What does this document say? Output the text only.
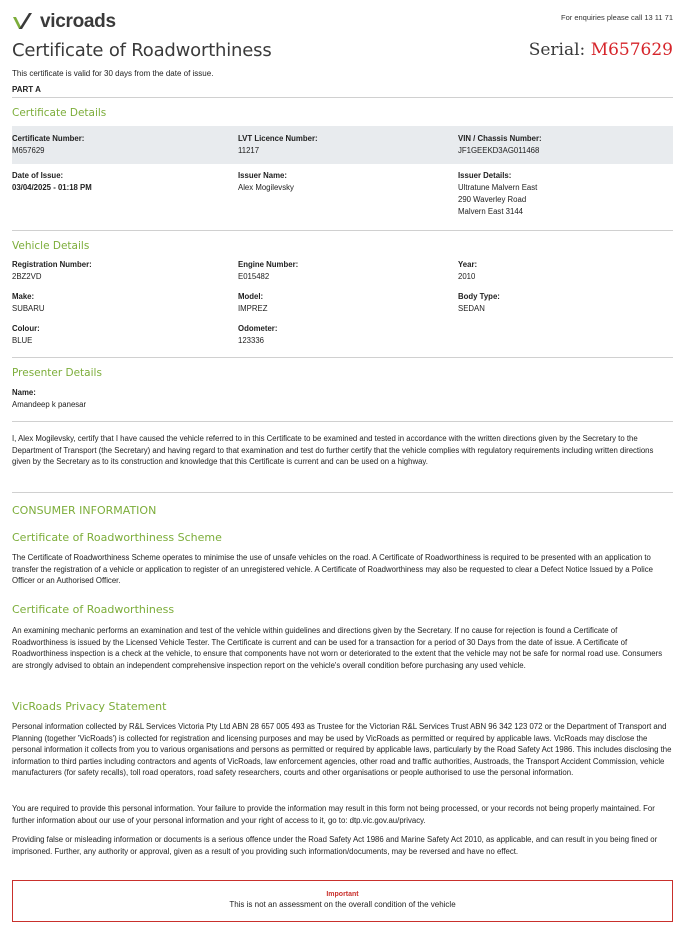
vicroads	For enquiries please call 13 11 71
Certificate of Roadworthiness	Serial: M657629
This certificate is valid for 30 days from the date of issue.
PART A
Certificate Details
Certificate Number:
M657629
LVT Licence Number:
11217
VIN / Chassis Number:
JF1GEEKD3AG011468
Date of Issue:
03/04/2025 - 01:18 PM
Issuer Name:
Alex Mogilevsky
Issuer Details:
Ultratune Malvern East
290 Waverley Road
Malvern East 3144
Vehicle Details
Registration Number:
2BZ2VD
Engine Number:
E015482
Year:
2010
Make:
SUBARU
Model:
IMPREZ
Body Type:
SEDAN
Colour:
BLUE
Odometer:
123336
Presenter Details
Name:
Amandeep k panesar
I, Alex Mogilevsky, certify that I have caused the vehicle referred to in this Certificate to be examined and tested in accordance with the written directions given by the Secretary to the Department of Transport (the Secretary) and having regard to that examination and test do further certify that the vehicle complies with regulatory requirements including written directions given by the Secretary as to its construction and knowledge that this Certificate is current and can be used on a highway.
CONSUMER INFORMATION
Certificate of Roadworthiness Scheme
The Certificate of Roadworthiness Scheme operates to minimise the use of unsafe vehicles on the road. A Certificate of Roadworthiness is required to be presented with an application to transfer the registration of a vehicle or application to register of an unregistered vehicle. A Certificate of Roadworthiness may also be requested to clear a Defect Notice Issued by a Police Officer or an Authorised Officer.
Certificate of Roadworthiness
An examining mechanic performs an examination and test of the vehicle within guidelines and directions given by the Secretary. If no cause for rejection is found a Certificate of Roadworthiness is issued by the Licensed Vehicle Tester. The Certificate is current and can be used for a transaction for a period of 30 Days from the date of issue. A Certificate of Roadworthiness inspection is a check at the vehicle, to ensure that components have not worn or deteriorated to the extent that the vehicle may not be safe for normal road use. Consumers are strongly advised to obtain an independent comprehensive inspection report on the vehicle's overall condition before purchasing any used vehicle.
VicRoads Privacy Statement
Personal information collected by R&L Services Victoria Pty Ltd ABN 28 657 005 493 as Trustee for the Victorian R&L Services Trust ABN 96 342 123 072 or the Department of Transport and Planning (together 'VicRoads') is collected for registration and licensing purposes and may be used by VicRoads as permitted or required by applicable laws. VicRoads may disclose the personal information it collects from you to various organisations and persons as permitted or required by applicable laws, particularly by the Road Safety Act 1986. This includes disclosing the information to third parties including contractors and agents of VicRoads, law enforcement agencies, other road and traffic authorities, Austroads, the Transport Accident Commission, vehicle manufacturers (for safety recalls), toll road operators, road safety researchers, courts and other organisations or people authorised to use the personal information.
You are required to provide this personal information. Your failure to provide the information may result in this form not being processed, or your records not being properly maintained. For further information about our use of your personal information and your right of access to it, go to: dtp.vic.gov.au/privacy.
Providing false or misleading information or documents is a serious offence under the Road Safety Act 1986 and Marine Safety Act 2010, as applicable, and can result in you being fined or imprisoned. Further, any authority or approval, given as a result of you providing such information/documents, may be reversed and have no effect.
Important
This is not an assessment on the overall condition of the vehicle
